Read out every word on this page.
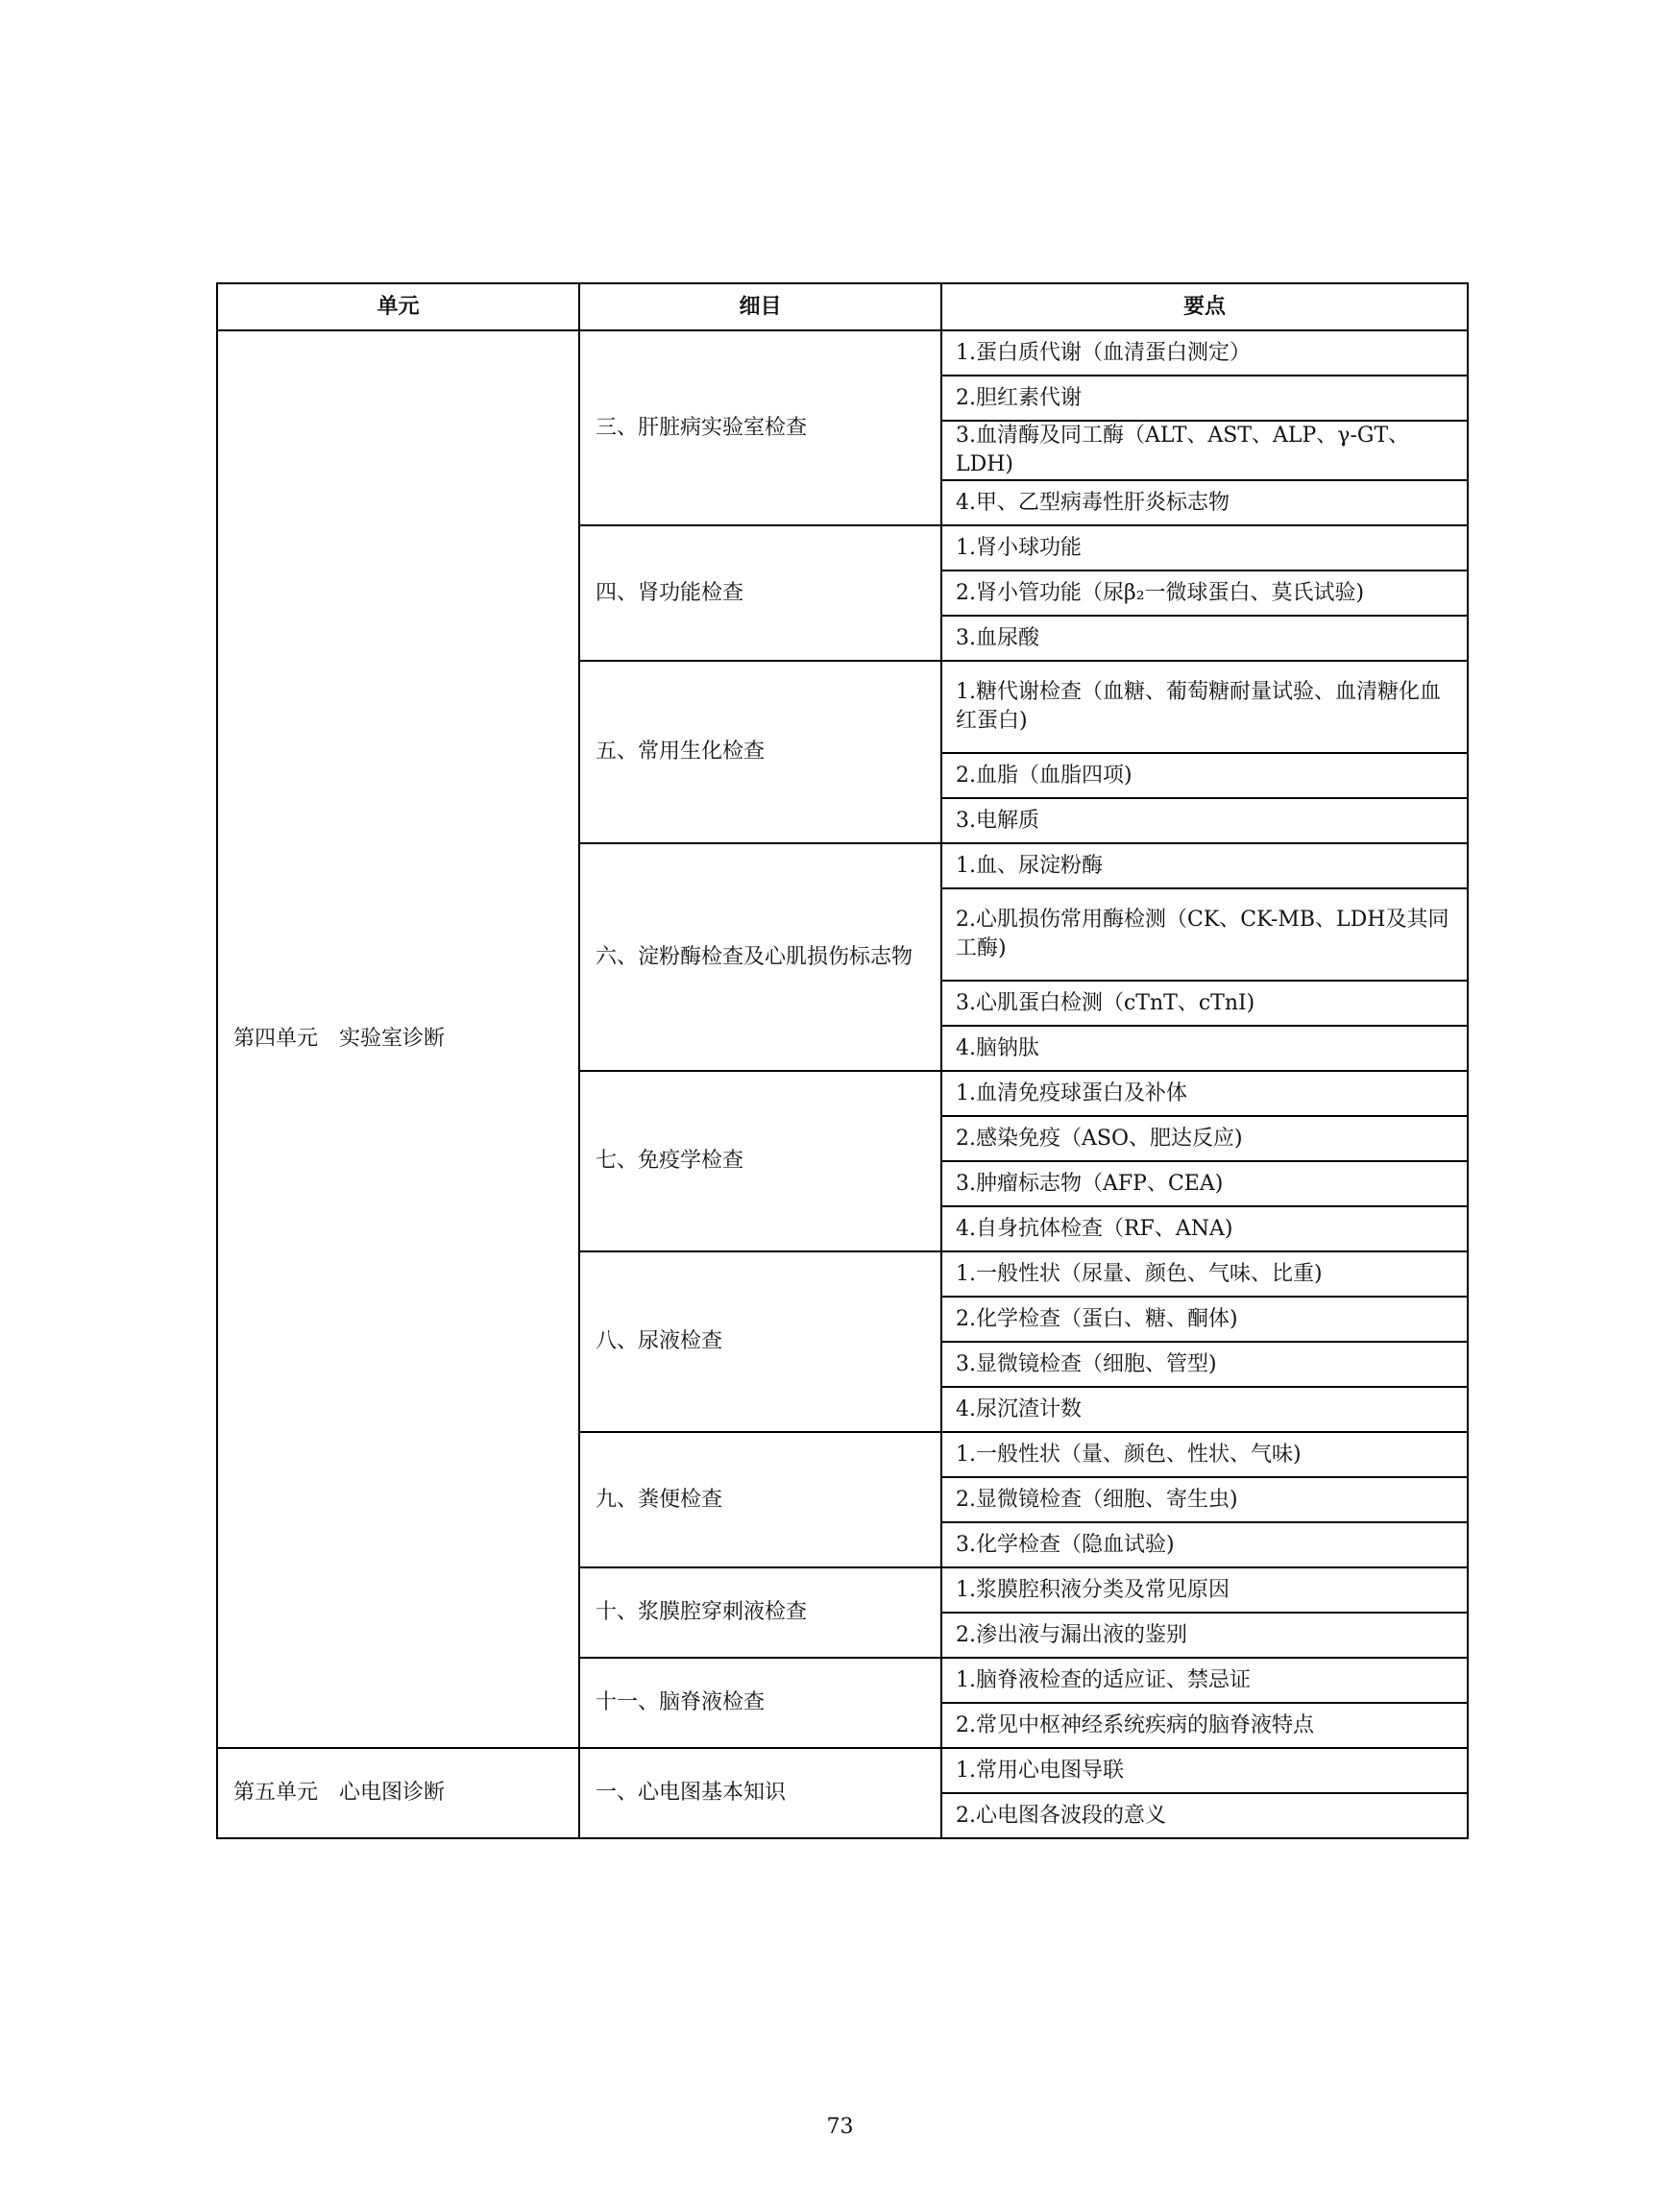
单元	细目	要点
第四单元　实验室诊断	三、肝脏病实验室检查	1.蛋白质代谢（血清蛋白测定）
		2.胆红素代谢
		3.血清酶及同工酶（ALT、AST、ALP、γ-GT、LDH)
		4.甲、乙型病毒性肝炎标志物
	四、肾功能检查	1.肾小球功能
		2.肾小管功能（尿β₂一微球蛋白、莫氏试验)
		3.血尿酸
	五、常用生化检查	1.糖代谢检查（血糖、葡萄糖耐量试验、血清糖化血红蛋白)
		2.血脂（血脂四项)
		3.电解质
	六、淀粉酶检查及心肌损伤标志物	1.血、尿淀粉酶
		2.心肌损伤常用酶检测（CK、CK-MB、LDH及其同工酶)
		3.心肌蛋白检测（cTnT、cTnI)
		4.脑钠肽
	七、免疫学检查	1.血清免疫球蛋白及补体
		2.感染免疫（ASO、肥达反应)
		3.肿瘤标志物（AFP、CEA)
		4.自身抗体检查（RF、ANA)
	八、尿液检查	1.一般性状（尿量、颜色、气味、比重)
		2.化学检查（蛋白、糖、酮体)
		3.显微镜检查（细胞、管型)
		4.尿沉渣计数
	九、粪便检查	1.一般性状（量、颜色、性状、气味)
		2.显微镜检查（细胞、寄生虫)
		3.化学检查（隐血试验)
	十、浆膜腔穿刺液检查	1.浆膜腔积液分类及常见原因
		2.渗出液与漏出液的鉴别
	十一、脑脊液检查	1.脑脊液检查的适应证、禁忌证
		2.常见中枢神经系统疾病的脑脊液特点
第五单元　心电图诊断	一、心电图基本知识	1.常用心电图导联
		2.心电图各波段的意义
73
